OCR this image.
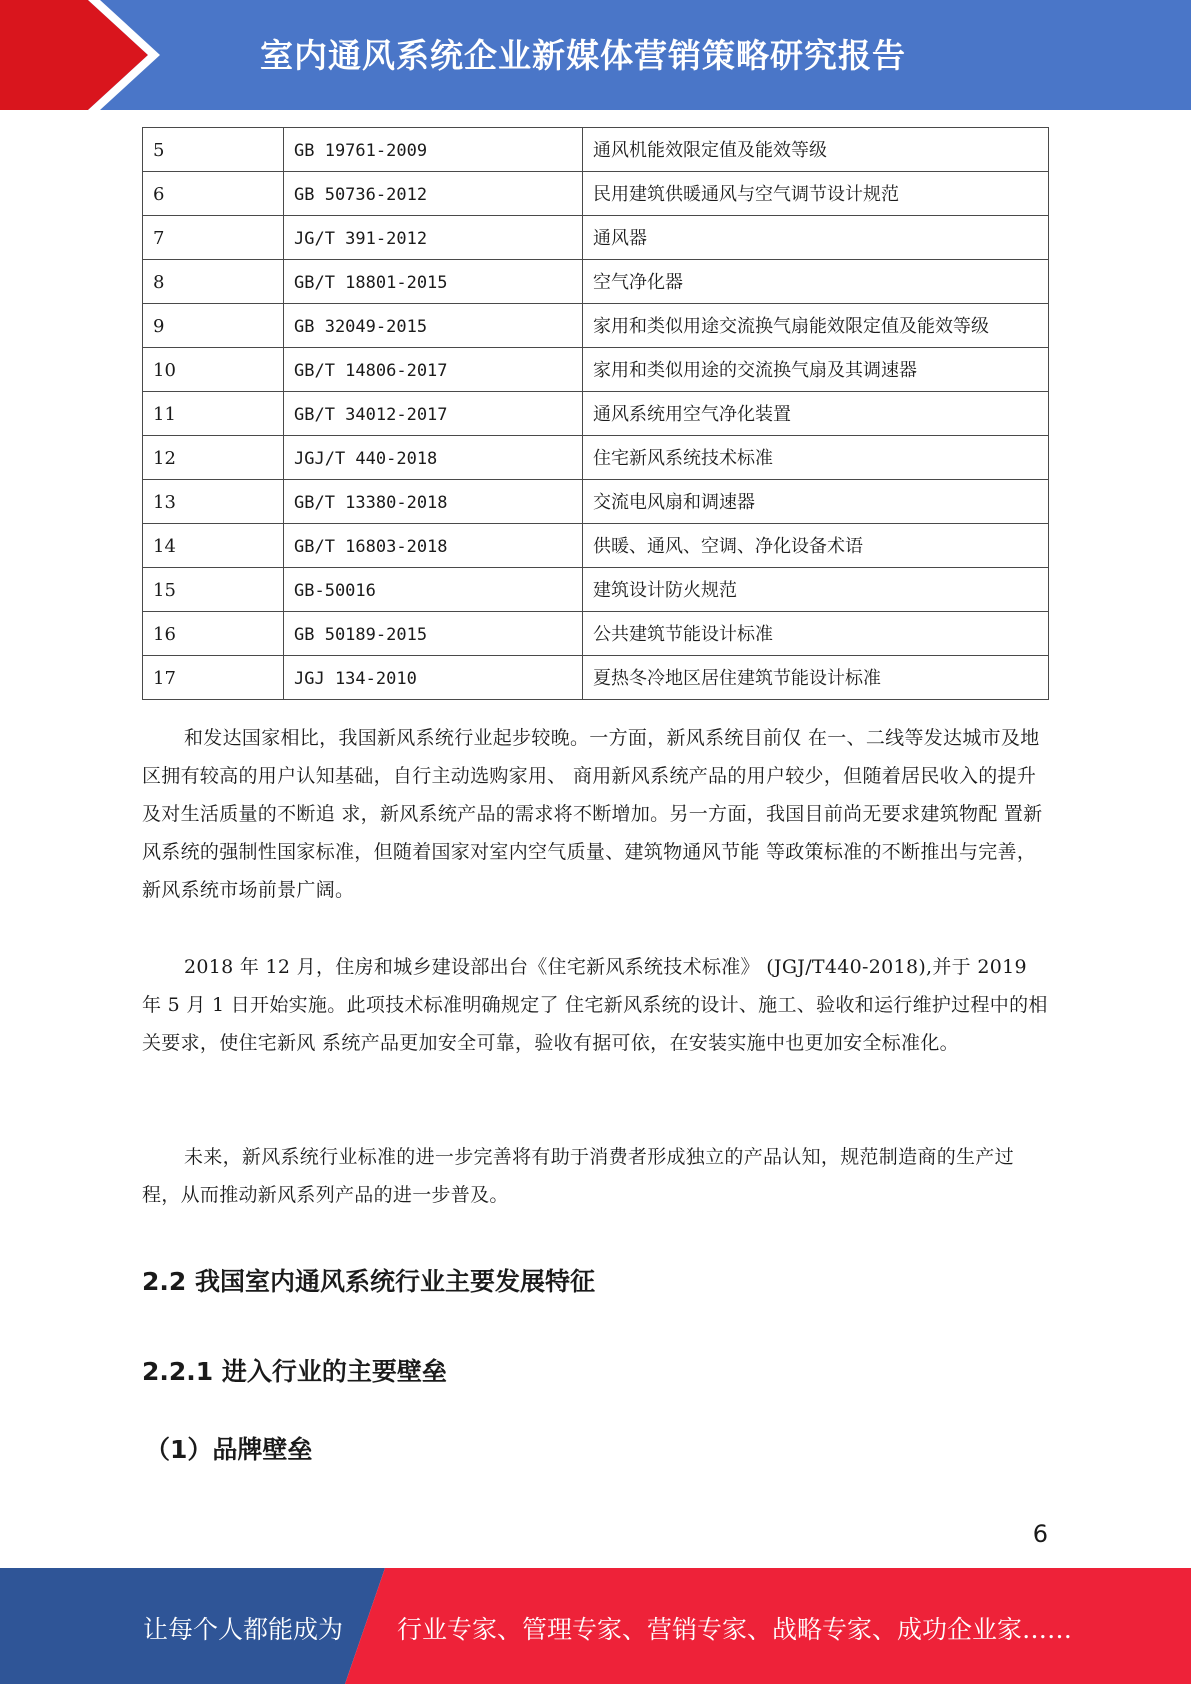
室内通风系统企业新媒体营销策略研究报告
5	GB 19761-2009	通风机能效限定值及能效等级
6	GB 50736-2012	民用建筑供暖通风与空气调节设计规范
7	JG/T 391-2012	通风器
8	GB/T 18801-2015	空气净化器
9	GB 32049-2015	家用和类似用途交流换气扇能效限定值及能效等级
10	GB/T 14806-2017	家用和类似用途的交流换气扇及其调速器
11	GB/T 34012-2017	通风系统用空气净化装置
12	JGJ/T 440-2018	住宅新风系统技术标准
13	GB/T 13380-2018	交流电风扇和调速器
14	GB/T 16803-2018	供暖、通风、空调、净化设备术语
15	GB-50016	建筑设计防火规范
16	GB 50189-2015	公共建筑节能设计标准
17	JGJ 134-2010	夏热冬冷地区居住建筑节能设计标准

和发达国家相比，我国新风系统行业起步较晚。一方面，新风系统目前仅 在一、二线等发达城市及地区拥有较高的用户认知基础，自行主动选购家用、 商用新风系统产品的用户较少，但随着居民收入的提升及对生活质量的不断追 求，新风系统产品的需求将不断增加。另一方面，我国目前尚无要求建筑物配 置新风系统的强制性国家标准，但随着国家对室内空气质量、建筑物通风节能 等政策标准的不断推出与完善，新风系统市场前景广阔。

2018 年 12 月，住房和城乡建设部出台《住宅新风系统技术标准》 (JGJ/T440-2018),并于 2019 年 5 月 1 日开始实施。此项技术标准明确规定了 住宅新风系统的设计、施工、验收和运行维护过程中的相关要求，使住宅新风 系统产品更加安全可靠，验收有据可依，在安装实施中也更加安全标准化。

未来，新风系统行业标准的进一步完善将有助于消费者形成独立的产品认知，规范制造商的生产过程，从而推动新风系列产品的进一步普及。

2.2 我国室内通风系统行业主要发展特征
2.2.1 进入行业的主要壁垒
（1）品牌壁垒
6
让每个人都能成为 行业专家、管理专家、营销专家、战略专家、成功企业家……
